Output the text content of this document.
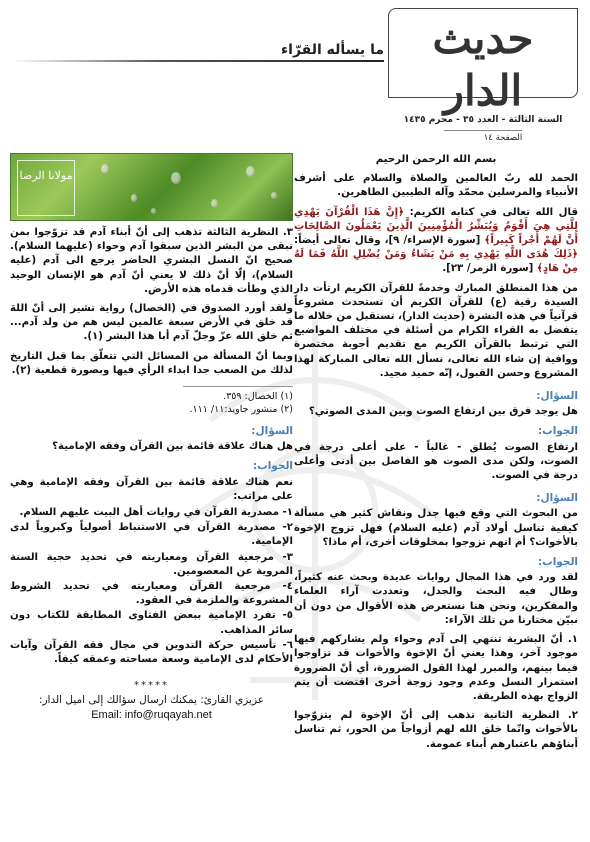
حديث الدار
السنة الثالثة - العدد ٣٥ - محرم ١٤٣٥
الصفحة ١٤
ما يسأله القرّاء
مولانا الرضا

بسم الله الرحمن الرحيم

الحمد لله ربّ العالمين والصلاة والسلام على أشرف الأنبياء والمرسلين محمّد وآله الطيبين الطاهرين.

قال الله تعالى في كتابه الكريم: ﴿إِنَّ هَذَا الْقُرْآنَ يَهْدِي لِلَّتِي هِيَ أَقْوَمُ وَيُبَشِّرُ الْمُؤْمِنِينَ الَّذِينَ يَعْمَلُونَ الصَّالِحَاتِ أَنَّ لَهُمْ أَجْراً كَبِيراً﴾ [سورة الإسراء/ ٩]، وقال تعالى أيضاً: ﴿ذَلِكَ هُدَى اللَّهِ يَهْدِي بِهِ مَنْ يَشَاءُ وَمَنْ يُضْلِلِ اللَّهُ فَمَا لَهُ مِنْ هَادٍ﴾ [سورة الزمر/ ٢٣].

من هذا المنطلق المبارك وخدمةً للقرآن الكريم ارتأت دار السيدة رقية (ع) للقرآن الكريم أن تستحدث مشروعاً قرآنياً في هذه النشرة (حديث الدار)، تستقبل من خلاله ما يتفضل به القراء الكرام من أسئلة في مختلف المواضيع التي ترتبط بالقرآن الكريم مع تقديم أجوبة مختصرة ووافية إن شاء الله تعالى، نسأل الله تعالى المباركة لهذا المشروع وحسن القبول، إنّه حميد مجيد.

السؤال:

هل يوجد فرق بين ارتفاع الصوت وبين المدى الصوتي؟

الجواب:

ارتفاع الصوت يُطلق - غالباً - على أعلى درجة في الصوت، ولكن مدى الصوت هو الفاصل بين أدنى وأعلى درجة في الصوت.

السؤال:

من البحوث التي وقع فيها جدل ونقاش كثير هي مسألة كيفية تناسل أولاد آدم (عليه السلام) فهل تزوج الإخوة بالأخوات؟ أم انهم تزوجوا بمخلوقات أخرى، أم ماذا؟

الجواب:

لقد ورد في هذا المجال روايات عديدة وبحث عنه كثيراً، وطال فيه البحث والجدل، وتعددت آراء العلماء والمفكرين، ونحن هنا نستعرض هذه الأقوال من دون أن نبيّن مختارنا من تلك الآراء:

١. أنّ البشرية تنتهي إلى آدم وحواء ولم يشاركهم فيها موجود آخر، وهذا يعني أنّ الإخوة والأخوات قد تزاوجوا فيما بينهم، والمبرر لهذا القول الضرورة، أي أنّ الضرورة استمرار النسل وعدم وجود زوجة أخرى اقتضت أن يتم الزواج بهذه الطريقة.

٢. النظرية الثانية تذهب إلى أنّ الإخوة لم يتزوّجوا بالأخوات وانّما خلق الله لهم أزواجاً من الحور، ثم تناسل أبناؤهم باعتبارهم أبناء عمومة.

٣. النظرية الثالثة تذهب إلى أنّ أبناء آدم قد تزوّجوا بمن تبقى من البشر الذين سبقوا آدم وحواء (عليهما السلام). صحيح انّ النسل البشري الحاضر يرجع الى آدم (عليه السلام)، إلّا أنّ ذلك لا يعني أنّ آدم هو الإنسان الوحيد الذي وطأت قدماه هذه الأرض.

ولقد أورد الصدوق في (الخصال) رواية تشير إلى أنّ اللهَ قد خلق في الأرض سبعة عالمين ليس هم من ولد آدم... ثم خلق الله عزّ وجلّ آدم أبا هذا البشر (١).

وبما أنّ المسألة من المسائل التي تتعلّق بما قبل التاريخ لذلك من الصعب جدا ابداء الرأي فيها وبصورة قطعية (٢).

(١) الخصال: ٣٥٩.
(٢) منشور جاويد:١١/ ١١١.
السؤال:

هل هناك علاقة قائمة بين القرآن وفقه الإمامية؟

الجواب:

نعم هناك علاقة قائمة بين القرآن وفقه الإمامية وهي على مراتب:

١- مصدرية القرآن في روايات أهل البيت عليهم السلام.
٢- مصدرية القرآن في الاستنباط أصولياً وكبروياً لدى الإمامية.
٣- مرجعية القرآن ومعياريته في تحديد حجية السنة المروية عن المعصومين.
٤- مرجعية القرآن ومعياريته في تحديد الشروط المشروعة والملزمة في العقود.
٥- تفرد الإمامية ببعض الفتاوى المطابقة للكتاب دون سائر المذاهب.
٦- تأسيس حركة التدوين في مجال فقه القرآن وآيات الأحكام لدى الإمامية وسعة مساحته وعمقه كيفاً.
*****
عزيزي القارئ: يمكنك ارسال سؤالك إلى اميل الدار:
Email: info@ruqayah.net
